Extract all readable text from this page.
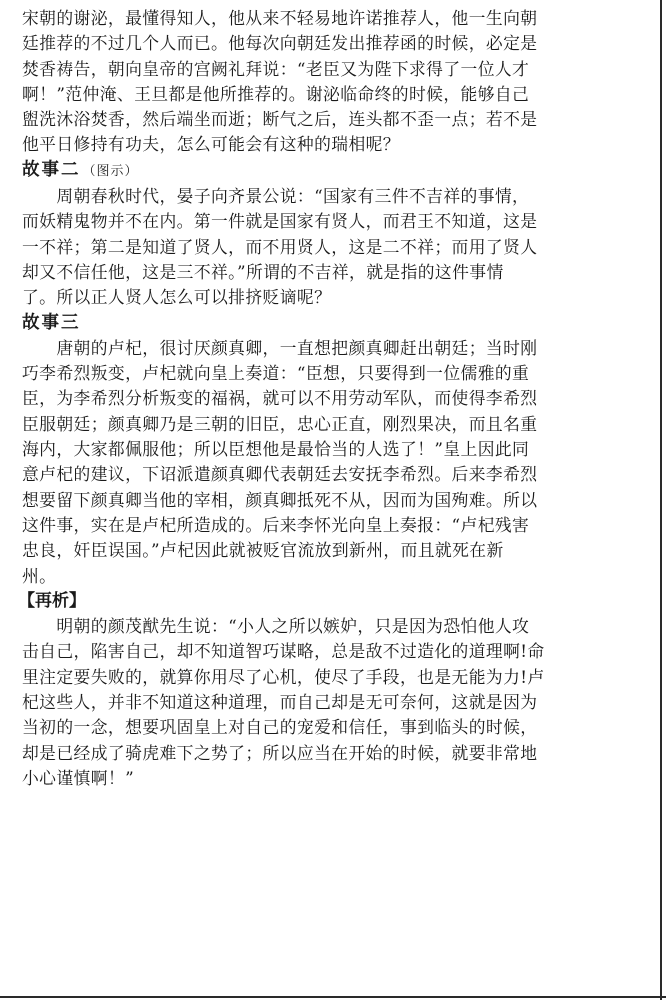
宋朝的谢泌，最懂得知人，他从来不轻易地许诺推荐人，他一生向朝
廷推荐的不过几个人而已。他每次向朝廷发出推荐函的时候，必定是
焚香祷告，朝向皇帝的宫阙礼拜说：“老臣又为陛下求得了一位人才
啊！”范仲淹、王旦都是他所推荐的。谢泌临命终的时候，能够自己
盥洗沐浴焚香，然后端坐而逝；断气之后，连头都不歪一点；若不是
他平日修持有功夫，怎么可能会有这种的瑞相呢？
故事二 （图示）
　　周朝春秋时代，晏子向齐景公说：“国家有三件不吉祥的事情，
而妖精鬼物并不在内。第一件就是国家有贤人，而君王不知道，这是
一不祥；第二是知道了贤人，而不用贤人，这是二不祥；而用了贤人
却又不信任他，这是三不祥。”所谓的不吉祥，就是指的这件事情
了。所以正人贤人怎么可以排挤贬谪呢？
故事三
　　唐朝的卢杞，很讨厌颜真卿，一直想把颜真卿赶出朝廷；当时刚
巧李希烈叛变，卢杞就向皇上奏道：“臣想，只要得到一位儒雅的重
臣，为李希烈分析叛变的福祸，就可以不用劳动军队，而使得李希烈
臣服朝廷；颜真卿乃是三朝的旧臣，忠心正直，刚烈果决，而且名重
海内，大家都佩服他；所以臣想他是最恰当的人选了！”皇上因此同
意卢杞的建议，下诏派遣颜真卿代表朝廷去安抚李希烈。后来李希烈
想要留下颜真卿当他的宰相，颜真卿抵死不从，因而为国殉难。所以
这件事，实在是卢杞所造成的。后来李怀光向皇上奏报：“卢杞残害
忠良，奸臣误国。”卢杞因此就被贬官流放到新州，而且就死在新
州。
【再析】
　　明朝的颜茂猷先生说：“小人之所以嫉妒，只是因为恐怕他人攻
击自己，陷害自己，却不知道智巧谋略，总是敌不过造化的道理啊!命
里注定要失败的，就算你用尽了心机，使尽了手段，也是无能为力!卢
杞这些人，并非不知道这种道理，而自己却是无可奈何，这就是因为
当初的一念，想要巩固皇上对自己的宠爱和信任，事到临头的时候，
却是已经成了骑虎难下之势了；所以应当在开始的时候，就要非常地
小心谨慎啊！”
